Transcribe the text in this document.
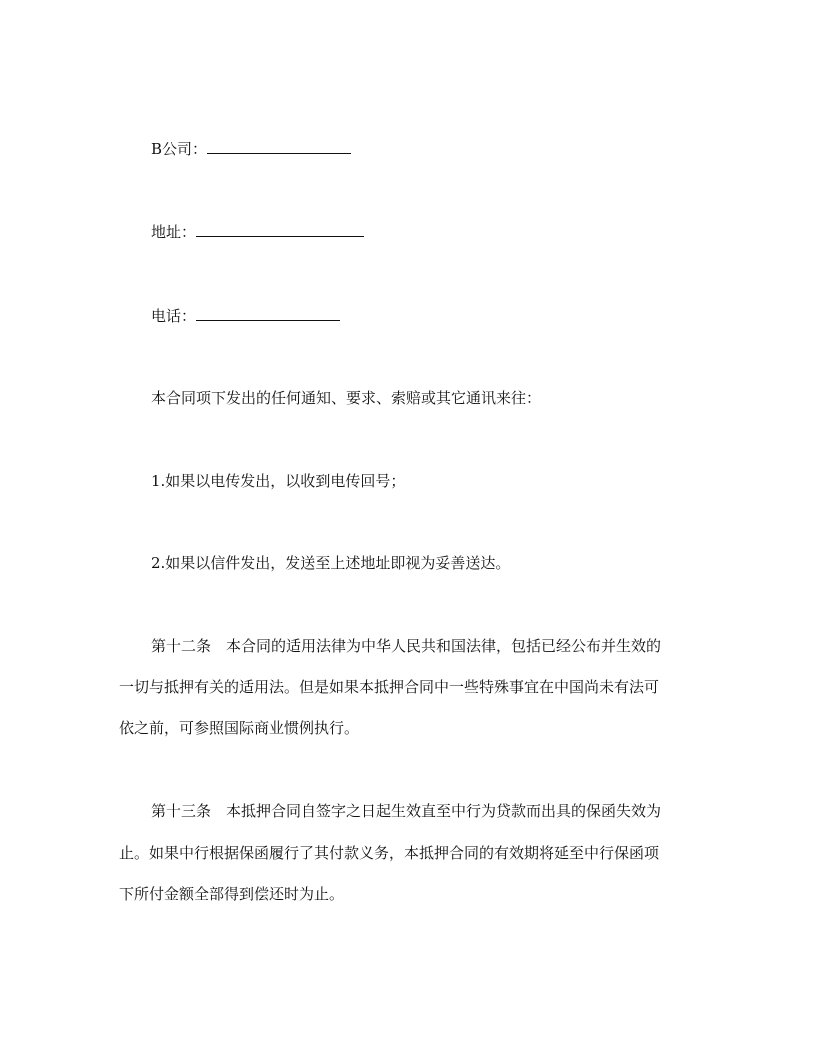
B公司：
地址：
电话：
本合同项下发出的任何通知、要求、索赔或其它通讯来往：
1.如果以电传发出，以收到电传回号；
2.如果以信件发出，发送至上述地址即视为妥善送达。
第十二条　本合同的适用法律为中华人民共和国法律，包括已经公布并生效的
一切与抵押有关的适用法。但是如果本抵押合同中一些特殊事宜在中国尚未有法可
依之前，可参照国际商业惯例执行。
第十三条　本抵押合同自签字之日起生效直至中行为贷款而出具的保函失效为
止。如果中行根据保函履行了其付款义务，本抵押合同的有效期将延至中行保函项
下所付金额全部得到偿还时为止。
